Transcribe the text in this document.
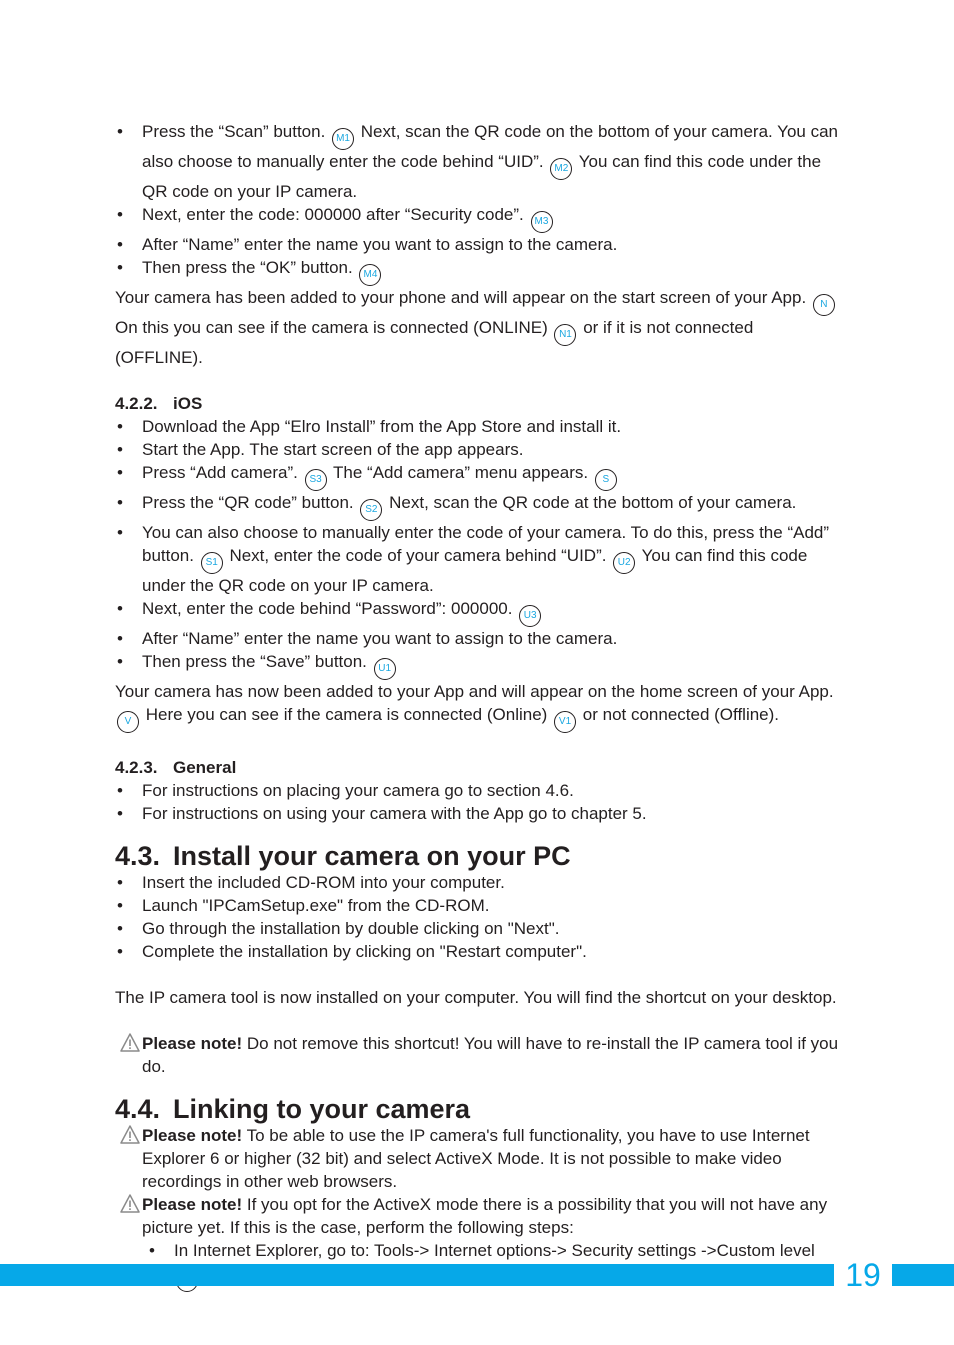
•	Press the “Scan” button. M1 Next, scan the QR code on the bottom of your camera. You can also choose to manually enter the code behind “UID”. M2 You can find this code under the QR code on your IP camera.
•	Next, enter the code: 000000 after “Security code”. M3
•	After “Name” enter the name you want to assign to the camera.
•	Then press the “OK” button. M4

Your camera has been added to your phone and will appear on the start screen of your App. N On this you can see if the camera is connected (ONLINE) N1 or if it is not connected (OFFLINE).

4.2.2. iOS
•	Download the App “Elro Install” from the App Store and install it.
•	Start the App. The start screen of the app appears.
•	Press “Add camera”. S3 The “Add camera” menu appears. S
•	Press the “QR code” button. S2 Next, scan the QR code at the bottom of your camera.
•	You can also choose to manually enter the code of your camera. To do this, press the “Add” button. S1 Next, enter the code of your camera behind “UID”. U2 You can find this code under the QR code on your IP camera.
•	Next, enter the code behind “Password”: 000000. U3
•	After “Name” enter the name you want to assign to the camera.
•	Then press the “Save” button. U1

Your camera has now been added to your App and will appear on the home screen of your App. V Here you can see if the camera is connected (Online) V1 or not connected (Offline).

4.2.3. General
•	For instructions on placing your camera go to section 4.6.
•	For instructions on using your camera with the App go to chapter 5.
4.3. Install your camera on your PC
•	Insert the included CD-ROM into your computer.
•	Launch "IPCamSetup.exe" from the CD-ROM.
•	Go through the installation by double clicking on "Next".
•	Complete the installation by clicking on "Restart computer".

The IP camera tool is now installed on your computer. You will find the shortcut on your desktop.

Please note! Do not remove this shortcut! You will have to re-install the IP camera tool if you do.
4.4. Linking to your camera
Please note! To be able to use the IP camera's full functionality, you have to use Internet Explorer 6 or higher (32 bit) and select ActiveX Mode. It is not possible to make video recordings in other web browsers.
Please note! If you opt for the ActiveX mode there is a possibility that you will not have any picture yet. If this is the case, perform the following steps:
•	In Internet Explorer, go to: Tools-> Internet options-> Security settings ->Custom level
19
